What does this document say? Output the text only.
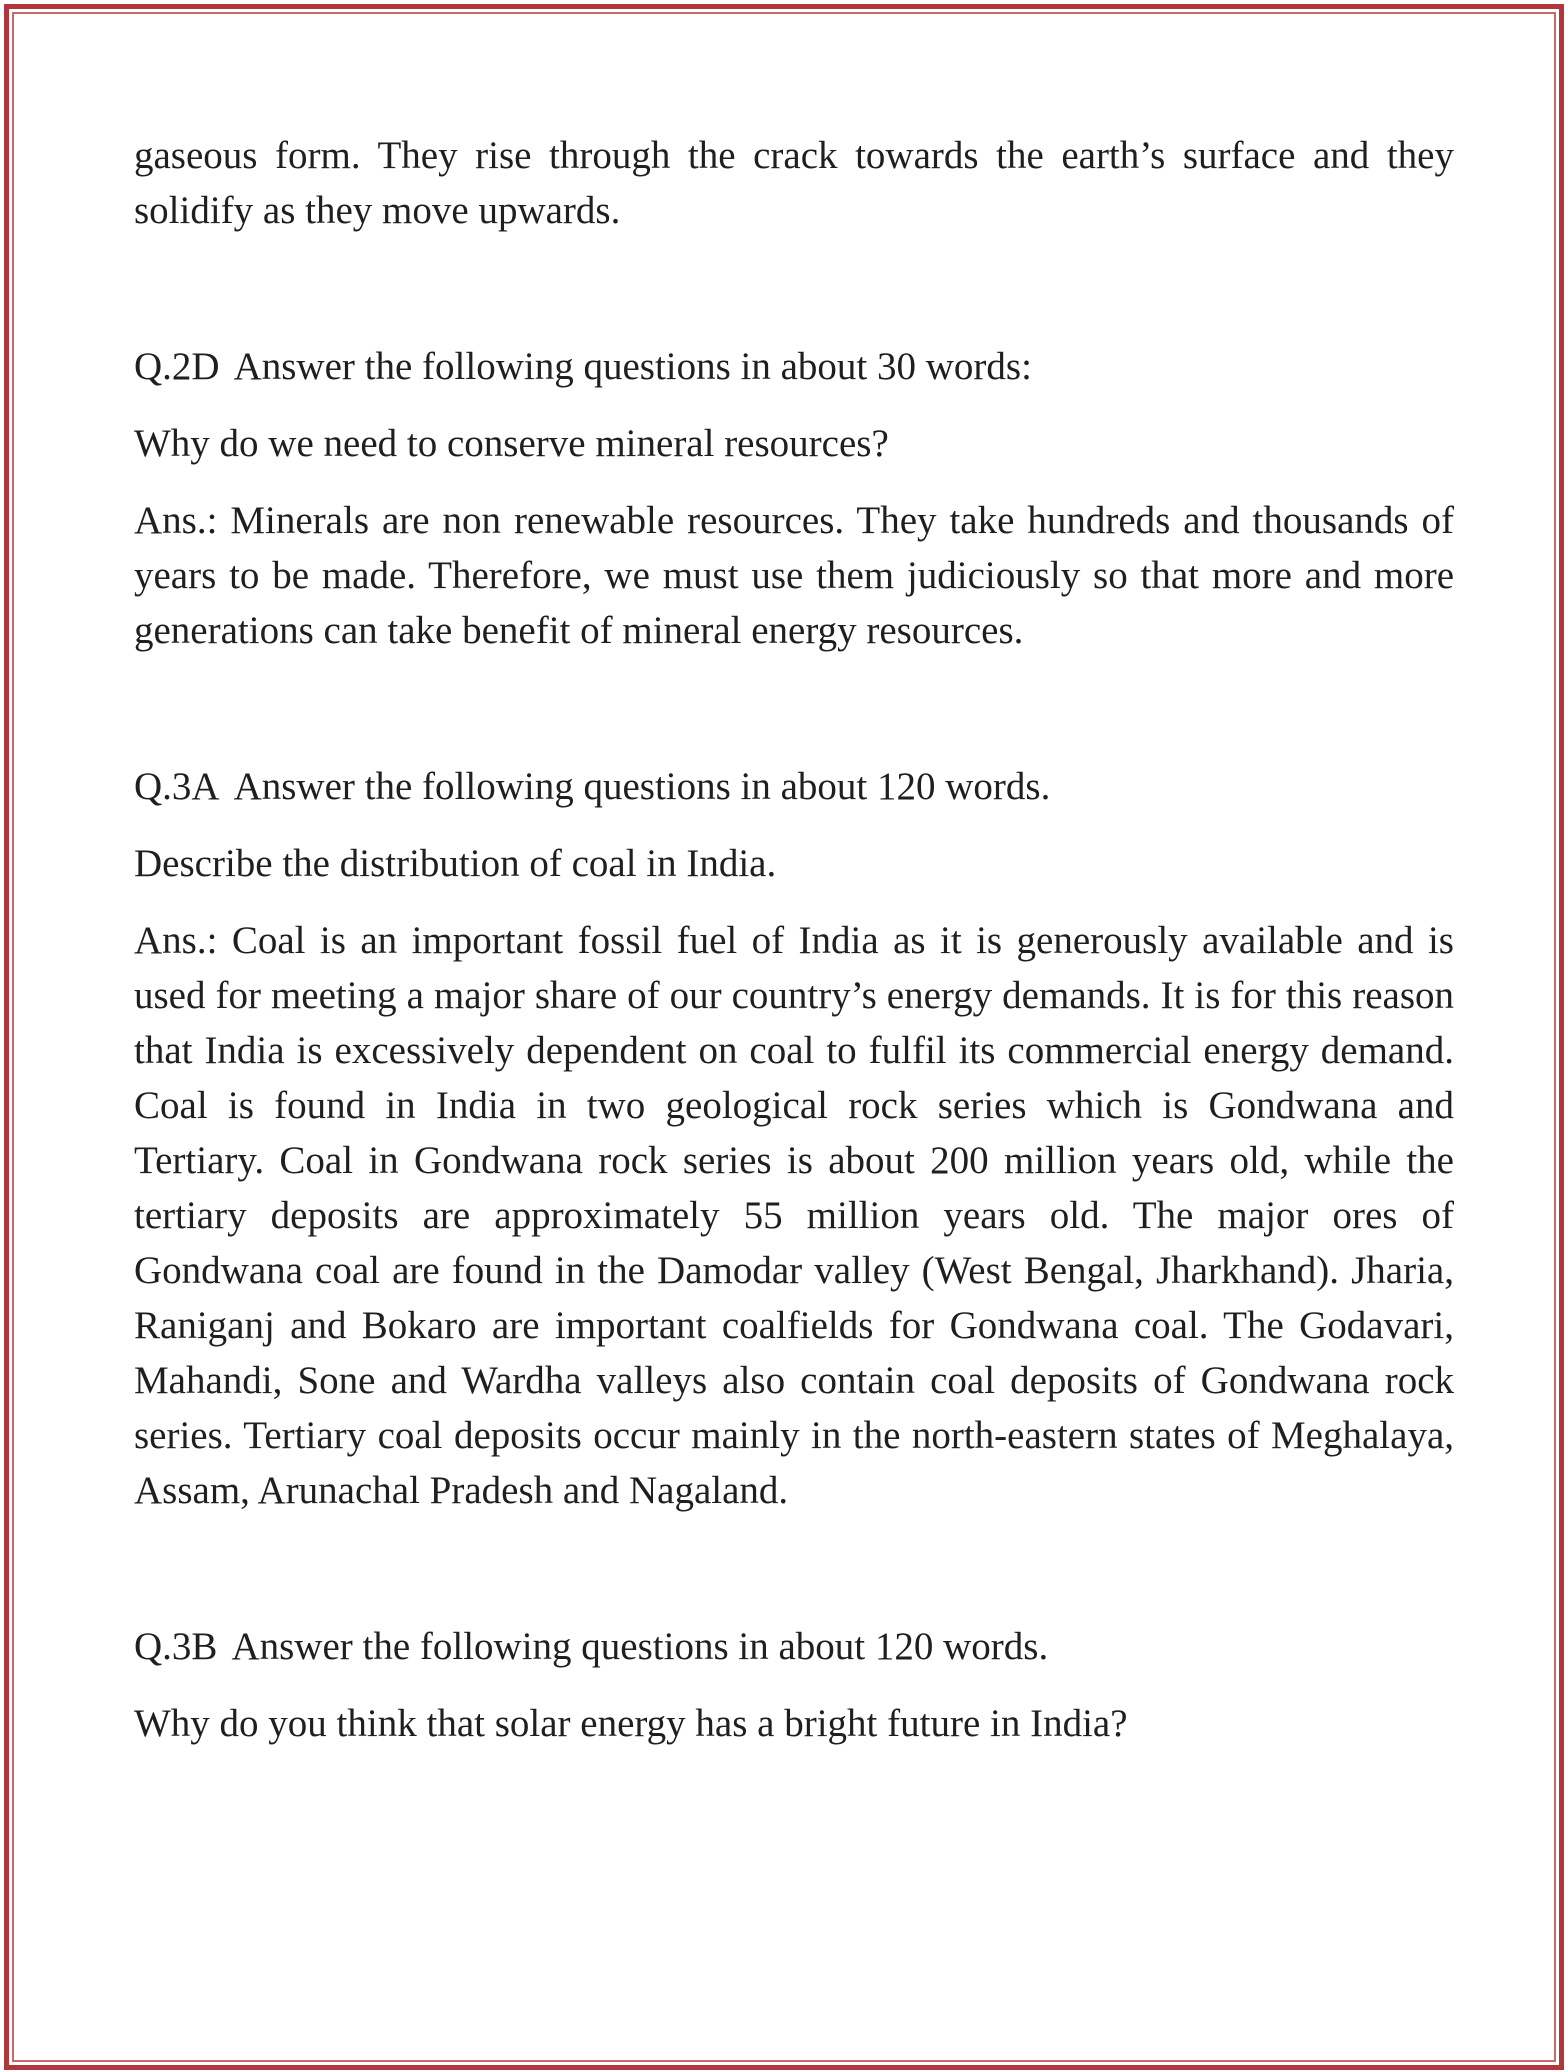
gaseous form. They rise through the crack towards the earth’s surface and they solidify as they move upwards.

Q.2D Answer the following questions in about 30 words:

Why do we need to conserve mineral resources?

Ans.: Minerals are non renewable resources. They take hundreds and thousands of years to be made. Therefore, we must use them judiciously so that more and more generations can take benefit of mineral energy resources.

Q.3A Answer the following questions in about 120 words.

Describe the distribution of coal in India.

Ans.: Coal is an important fossil fuel of India as it is generously available and is used for meeting a major share of our country’s energy demands. It is for this reason that India is excessively dependent on coal to fulfil its commercial energy demand. Coal is found in India in two geological rock series which is Gondwana and Tertiary. Coal in Gondwana rock series is about 200 million years old, while the tertiary deposits are approximately 55 million years old. The major ores of Gondwana coal are found in the Damodar valley (West Bengal, Jharkhand). Jharia, Raniganj and Bokaro are important coalfields for Gondwana coal. The Godavari, Mahandi, Sone and Wardha valleys also contain coal deposits of Gondwana rock series. Tertiary coal deposits occur mainly in the north-eastern states of Meghalaya, Assam, Arunachal Pradesh and Nagaland.

Q.3B Answer the following questions in about 120 words.

Why do you think that solar energy has a bright future in India?
